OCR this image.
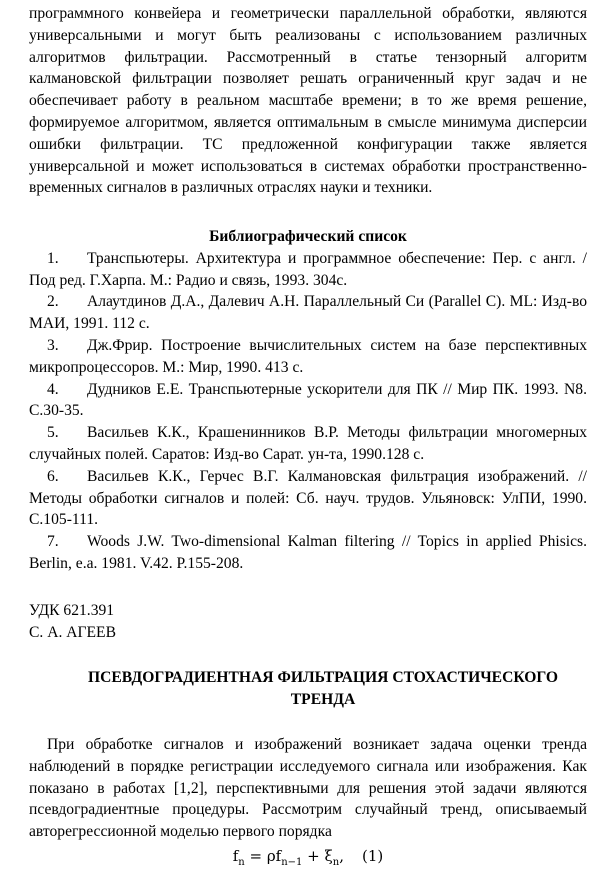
программного конвейера и геометрически параллельной обработки, являются универсальными и могут быть реализованы с использованием различных алгоритмов фильтрации. Рассмотренный в статье тензорный алгоритм калмановской фильтрации позволяет решать ограниченный круг задач и не обеспечивает работу в реальном масштабе времени; в то же время решение, формируемое алгоритмом, является оптимальным в смысле минимума дисперсии ошибки фильтрации. ТС предложенной конфигурации также является универсальной и может использоваться в системах обработки пространственно-временных сигналов в различных отраслях науки и техники.

Библиографический список

1. Транспьютеры. Архитектура и программное обеспечение: Пер. с англ. / Под ред. Г.Харпа. М.: Радио и связь, 1993. 304с.

2. Алаутдинов Д.А., Далевич А.Н. Параллельный Си (Parallel C). ML: Изд-во МАИ, 1991. 112 с.

3. Дж.Фрир. Построение вычислительных систем на базе перспективных микропроцессоров. М.: Мир, 1990. 413 с.

4. Дудников Е.Е. Транспьютерные ускорители для ПК // Мир ПК. 1993. N8. С.30-35.

5. Васильев К.К., Крашенинников В.Р. Методы фильтрации многомерных случайных полей. Саратов: Изд-во Сарат. ун-та, 1990.128 с.

6. Васильев К.К., Герчес В.Г. Калмановская фильтрация изображений. // Методы обработки сигналов и полей: Сб. науч. трудов. Ульяновск: УлПИ, 1990. С.105-111.

7. Woods J.W. Two-dimensional Kalman filtering // Topics in applied Phisics. Berlin, e.a. 1981. V.42. P.155-208.

УДК 621.391

С. А. АГЕЕВ

ПСЕВДОГРАДИЕНТНАЯ ФИЛЬТРАЦИЯ СТОХАСТИЧЕСКОГО ТРЕНДА

При обработке сигналов и изображений возникает задача оценки тренда наблюдений в порядке регистрации исследуемого сигнала или изображения. Как показано в работах [1,2], перспективными для решения этой задачи являются псевдоградиентные процедуры. Рассмотрим случайный тренд, описываемый авторегрессионной моделью первого порядка

$f_n = \rho f_{n-1} + \xi_n$, (1)
